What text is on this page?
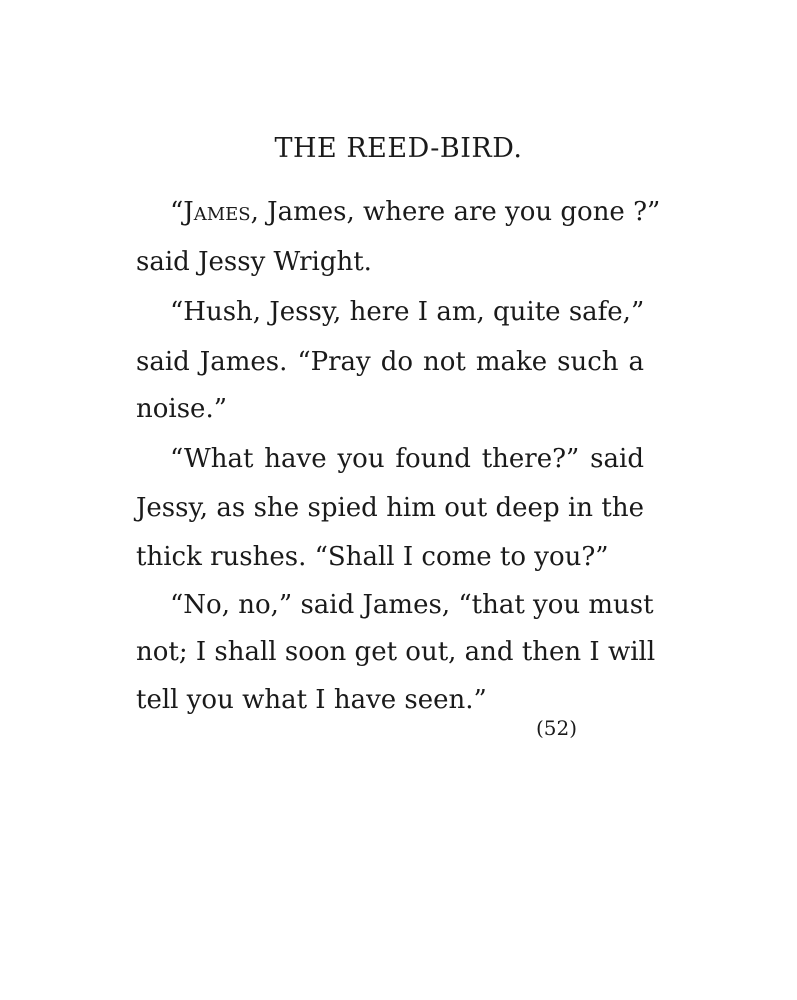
THE REED-BIRD.

“James, James, where are you gone ?”

said Jessy Wright.

“Hush, Jessy, here I am, quite safe,”

said James. “Pray do not make such a

noise.”

“What have you found there?” said

Jessy, as she spied him out deep in the

thick rushes. “Shall I come to you?”

“No, no,” said James, “that you must

not; I shall soon get out, and then I will

tell you what I have seen.”

(52)
